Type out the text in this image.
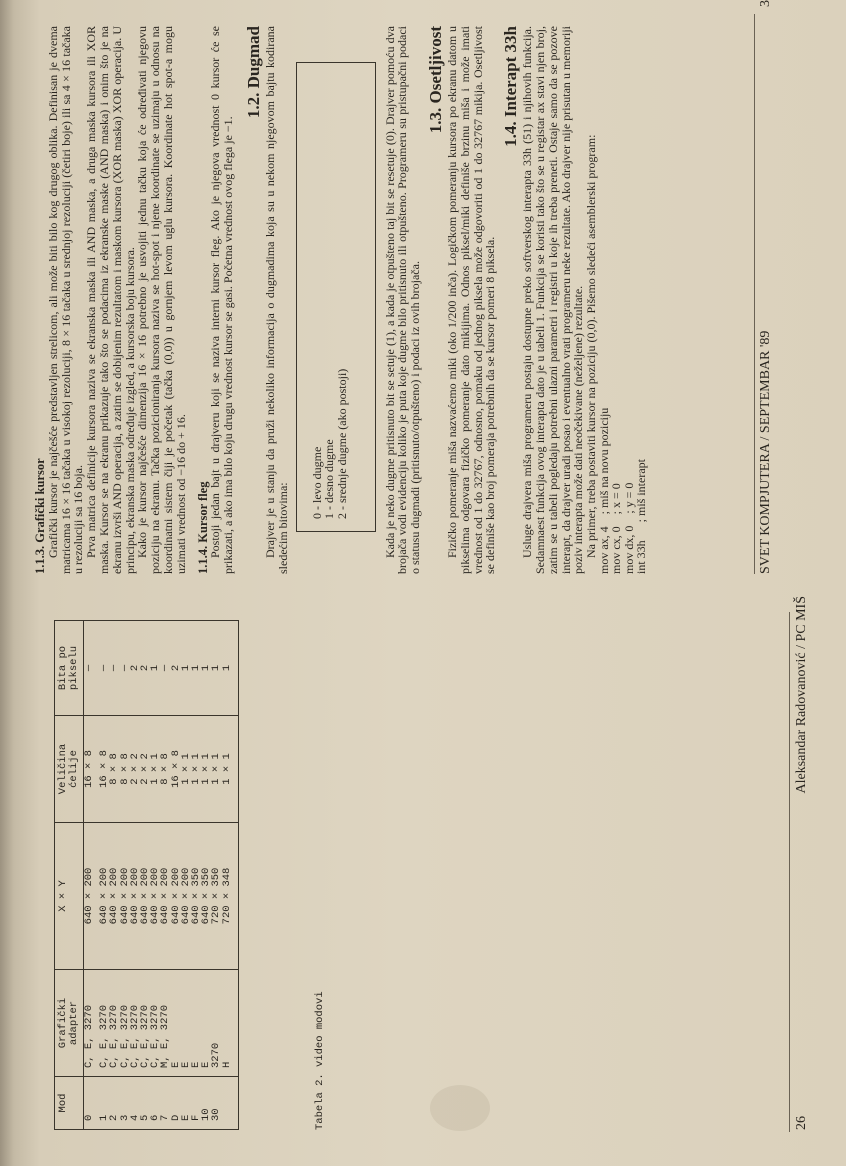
Mod	Grafički adapter	X × Y	Veličina ćelije	Bita po pikselu
0	C, E, 3270	640 × 200	16 × 8	—
1	C, E, 3270	640 × 200	16 × 8	—
2	C, E, 3270	640 × 200	8 × 8	—
3	C, E, 3270	640 × 200	8 × 8	—
4	C, E, 3270	640 × 200	2 × 2	2
5	C, E, 3270	640 × 200	2 × 2	2
6	C, E, 3270	640 × 200	1 × 1	1
7	M, E, 3270	640 × 200	8 × 8	—
D	E	640 × 200	16 × 8	2
E	E	640 × 200	1 × 1	1
F	E	640 × 350	1 × 1	1
10	E	640 × 350	1 × 1	1
30	3270	720 × 350	1 × 1	1
	H	720 × 348	1 × 1	1
Tabela 2. video modovi	26
Aleksandar Radovanović / PC MIŠ

1.1.3. Grafički kursor

Grafički kursor je najčešće predstavljen strelicom, ali može biti bilo kog drugog oblika. Definisan je dvema matricama 16 × 16 tačaka u visokoj rezoluciji, 8 × 16 tačaka u srednjoj rezoluciji (četiri boje) ili sa 4 × 16 tačaka u rezoluciji sa 16 boja.

Prva matrica definicije kursora naziva se ekranska maska ili AND maska, a druga maska kursora ili XOR maska. Kursor se na ekranu prikazuje tako što se podacima iz ekranske maske (AND maska) i onim što je na ekranu izvrši AND operacija, a zatim se dobijenim rezultatom i maskom kursora (XOR maska) XOR operacija. U principu, ekranska maska određuje izgled, a kursorska boju kursora.

Kako je kursor najčešće dimenzija 16 × 16 potrebno je usvojiti jednu tačku koja će određivati njegovu poziciju na ekranu. Tačka pozicioniranja kursora naziva se hot-spot i njene koordinate se uzimaju u odnosu na koordinatni sistem čiji je početak (tačka (0,0)) u gornjem levom uglu kursora. Koordinate hot spot-a mogu uzimati vrednost od −16 do + 16. 1.1.4. Kursor fleg

Postoji jedan bajt u drajveru koji se naziva interni kursor fleg. Ako je njegova vrednost 0 kursor će se prikazati, a ako ima bilo koju drugu vrednost kursor se gasi. Početna vrednost ovog flega je −1.

1.2. Dugmad Drajver je u stanju da pruži nekoliko informacija o dugmadima koja su u nekom njegovom bajtu kodirana sledećim bitovima: 0 - levo dugme
1 - desno dugme
2 - srednje dugme (ako postoji)	Kada je neko dugme pritisnuto bit se setuje (1), a kada je otpušteno taj bit se resetuje (0). Drajver pomoću dva brojača vodi evidenciju koliko je puta koje dugme bilo pritisnuto ili otpušteno. Programeru su pristupačni podaci o statusu dugmadi (pritisnuto/otpušteno) i podaci iz ovih brojača.

1.3. Osetljivost Fizičko pomeranje miša nazvaćemo miki (oko 1/200 inča). Logičkom pomeranju kursora po ekranu datom u pikselima odgovara fizičko pomeranje dato mikijima. Odnos piksel/miki definiše brzinu miša i može imati vrednost od 1 do 32767, odnosno, pomaku od jednog piksela može odgovoriti od 1 do 32767 mikija. Osetljivost se definiše kao broj pomeraja potrebnih da se kursor pomeri 8 piksela.

1.4. Interapt 33h Usluge drajvera miša programeru postaju dostupne preko softverskog interapta 33h (51) i njihovih funkcija. Sedamnaest funkcija ovog interapta dato je u tabeli 1. Funkcija se koristi tako što se u registar ax stavi njen broj, zatim se u tabeli pogledaju potrebni ulazni parametri i registri u koje ih treba preneti. Ostaje samo da se pozove interapt, da drajver uradi posao i eventualno vrati programeru neke rezultate. Ako drajver nije prisutan u memoriji poziv interapta može dati neočekivane (neželjene) rezultate.

Na primer, treba postaviti kursor na poziciju (0,0). Pišemo sledeći asemblerski program:

mov ax, 4    ; miš na novu poziciju
mov cx, 0    ; x = 0
mov dx, 0    ; y = 0
int 33h      ; miš interapt	SVET KOMPJUTERA / SEPTEMBAR '89
3
